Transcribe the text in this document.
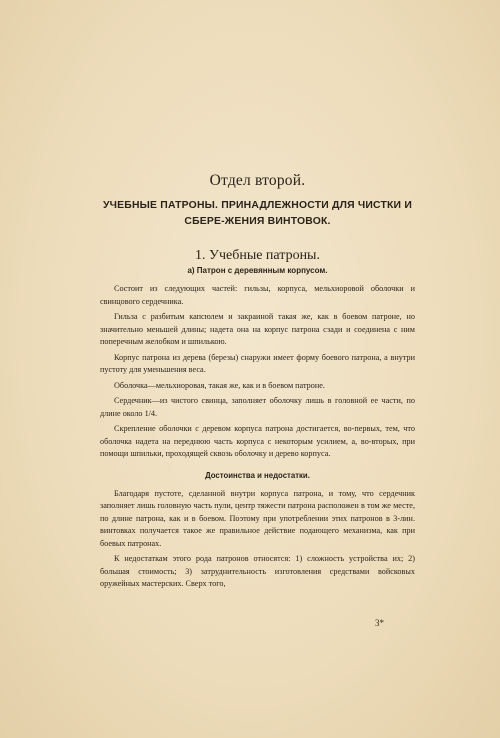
Отдел второй.
УЧЕБНЫЕ ПАТРОНЫ. ПРИНАДЛЕЖНОСТИ ДЛЯ ЧИСТКИ И СБЕРЕ-ЖЕНИЯ ВИНТОВОК.
1. Учебные патроны.
а) Патрон с деревянным корпусом.

Состоит из следующих частей: гильзы, корпуса, мельхиоровой оболочки и свинцового сердечника.

Гильза с разбитым капсюлем и закраиной такая же, как в боевом патроне, но значительно меньшей длины; надета она на корпус патрона сзади и соединена с ним поперечным желобком и шпилькою.

Корпус патрона из дерева (березы) снаружи имеет форму боевого патрона, а внутри пустоту для уменьшения веса.

Оболочка—мельхиоровая, такая же, как и в боевом патроне.

Сердечник—из чистого свинца, заполняет оболочку лишь в головной ее части, по длине около 1/4.

Скрепление оболочки с деревом корпуса патрона достигается, во-первых, тем, что оболочка надета на переднюю часть корпуса с некоторым усилием, а, во-вторых, при помощи шпильки, проходящей сквозь оболочку и дерево корпуса.

Достоинства и недостатки.

Благодаря пустоте, сделанной внутри корпуса патрона, и тому, что сердечник заполняет лишь головную часть пули, центр тяжести патрона расположен в том же месте, по длине патрона, как и в боевом. Поэтому при употреблении этих патронов в 3-лин. винтовках получается такое же правильное действие подающего механизма, как при боевых патронах.

К недостаткам этого рода патронов относятся: 1) сложность устройства их; 2) большая стоимость; 3) затруднительность изготовления средствами войсковых оружейных мастерских. Сверх того,

3*
